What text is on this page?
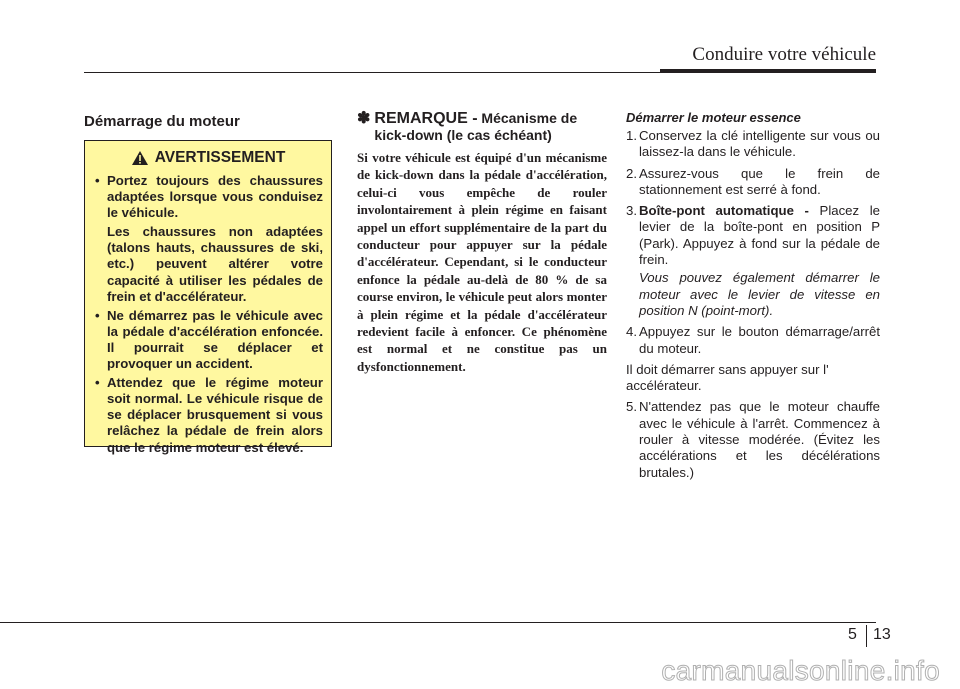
Conduire votre véhicule
Démarrage du moteur
AVERTISSEMENT
• Portez toujours des chaussures adaptées lorsque vous conduisez le véhicule.
Les chaussures non adaptées (talons hauts, chaussures de ski, etc.) peuvent altérer votre capacité à utiliser les pédales de frein et d'accélérateur.
• Ne démarrez pas le véhicule avec la pédale d'accélération enfoncée. Il pourrait se déplacer et provoquer un accident.
• Attendez que le régime moteur soit normal. Le véhicule risque de se déplacer brusquement si vous relâchez la pédale de frein alors que le régime moteur est élevé.
✽ REMARQUE - Mécanisme de kick-down (le cas échéant)

Si votre véhicule est équipé d'un mécanisme de kick-down dans la pédale d'accélération, celui-ci vous empêche de rouler involontairement à plein régime en faisant appel un effort supplémentaire de la part du conducteur pour appuyer sur la pédale d'accélérateur. Cependant, si le conducteur enfonce la pédale au-delà de 80 % de sa course environ, le véhicule peut alors monter à plein régime et la pédale d'accélérateur redevient facile à enfoncer. Ce phénomène est normal et ne constitue pas un dysfonctionnement.

Démarrer le moteur essence

1. Conservez la clé intelligente sur vous ou laissez-la dans le véhicule.
2. Assurez-vous que le frein de stationnement est serré à fond.
3. Boîte-pont automatique - Placez le levier de la boîte-pont en position P (Park). Appuyez à fond sur la pédale de frein.
Vous pouvez également démarrer le moteur avec le levier de vitesse en position N (point-mort).
4. Appuyez sur le bouton démarrage/arrêt du moteur.

Il doit démarrer sans appuyer sur l' accélérateur.

5. N'attendez pas que le moteur chauffe avec le véhicule à l'arrêt. Commencez à rouler à vitesse modérée. (Évitez les accélérations et les décélérations brutales.)
5 13
carmanualsonline.info
